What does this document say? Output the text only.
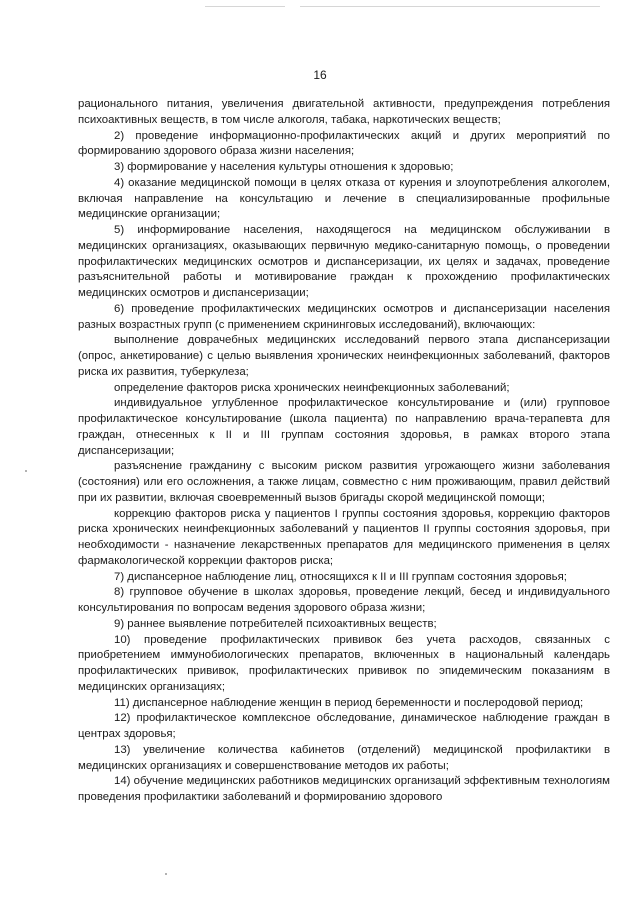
16

рационального питания, увеличения двигательной активности, предупреждения потребления психоактивных веществ, в том числе алкоголя, табака, наркотических веществ;

2) проведение информационно-профилактических акций и других мероприятий по формированию здорового образа жизни населения;

3) формирование у населения культуры отношения к здоровью;

4) оказание медицинской помощи в целях отказа от курения и злоупотребления алкоголем, включая направление на консультацию и лечение в специализированные профильные медицинские организации;

5) информирование населения, находящегося на медицинском обслуживании в медицинских организациях, оказывающих первичную медико-санитарную помощь, о проведении профилактических медицинских осмотров и диспансеризации, их целях и задачах, проведение разъяснительной работы и мотивирование граждан к прохождению профилактических медицинских осмотров и диспансеризации;

6) проведение профилактических медицинских осмотров и диспансеризации населения разных возрастных групп (с применением скрининговых исследований), включающих:

выполнение доврачебных медицинских исследований первого этапа диспансеризации (опрос, анкетирование) с целью выявления хронических неинфекционных заболеваний, факторов риска их развития, туберкулеза;

определение факторов риска хронических неинфекционных заболеваний;

индивидуальное углубленное профилактическое консультирование и (или) групповое профилактическое консультирование (школа пациента) по направлению врача-терапевта для граждан, отнесенных к II и III группам состояния здоровья, в рамках второго этапа диспансеризации;

разъяснение гражданину с высоким риском развития угрожающего жизни заболевания (состояния) или его осложнения, а также лицам, совместно с ним проживающим, правил действий при их развитии, включая своевременный вызов бригады скорой медицинской помощи;

коррекцию факторов риска у пациентов I группы состояния здоровья, коррекцию факторов риска хронических неинфекционных заболеваний у пациентов II группы состояния здоровья, при необходимости - назначение лекарственных препаратов для медицинского применения в целях фармакологической коррекции факторов риска;

7) диспансерное наблюдение лиц, относящихся к II и III группам состояния здоровья;

8) групповое обучение в школах здоровья, проведение лекций, бесед и индивидуального консультирования по вопросам ведения здорового образа жизни;

9) раннее выявление потребителей психоактивных веществ;

10) проведение профилактических прививок без учета расходов, связанных с приобретением иммунобиологических препаратов, включенных в национальный календарь профилактических прививок, профилактических прививок по эпидемическим показаниям в медицинских организациях;

11) диспансерное наблюдение женщин в период беременности и послеродовой период;

12) профилактическое комплексное обследование, динамическое наблюдение граждан в центрах здоровья;

13) увеличение количества кабинетов (отделений) медицинской профилактики в медицинских организациях и совершенствование методов их работы;

14) обучение медицинских работников медицинских организаций эффективным технологиям проведения профилактики заболеваний и формированию здорового
